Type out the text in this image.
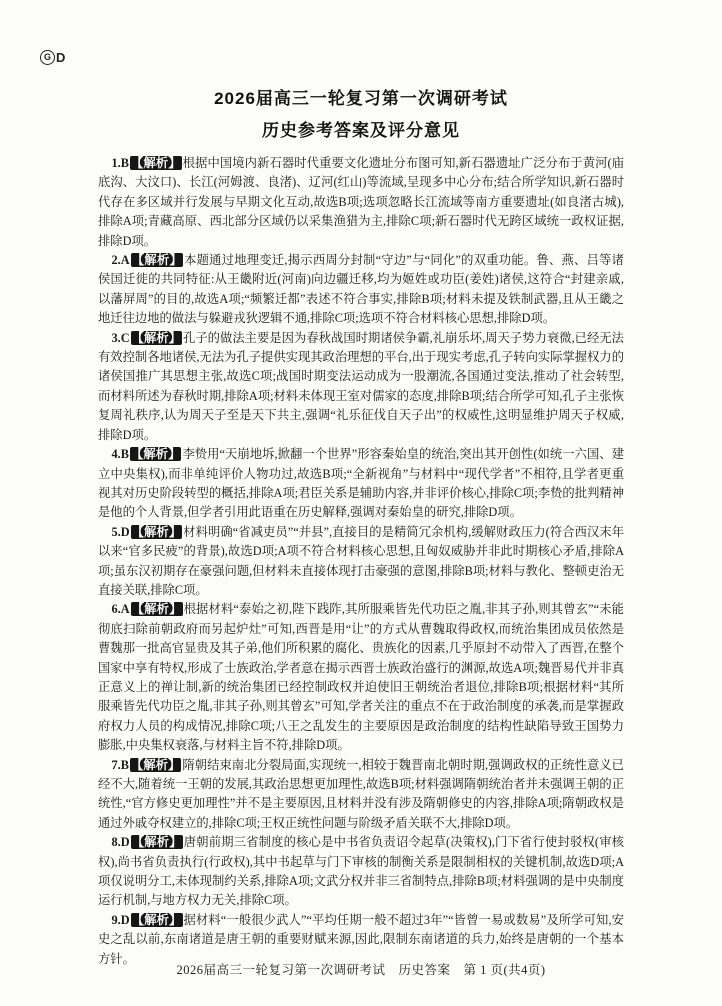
G D
2026届高三一轮复习第一次调研考试
历史参考答案及评分意见

1.B 【解析】 根据中国境内新石器时代重要文化遗址分布图可知,新石器遗址广泛分布于黄河(庙底沟、大汶口)、长江(河姆渡、良渚)、辽河(红山)等流域,呈现多中心分布;结合所学知识,新石器时代存在多区域并行发展与早期文化互动,故选B项;选项忽略长江流域等南方重要遗址(如良渚古城),排除A项;青藏高原、西北部分区域仍以采集渔猎为主,排除C项;新石器时代无跨区域统一政权证据,排除D项。

2.A 【解析】 本题通过地理变迁,揭示西周分封制“守边”与“同化”的双重功能。鲁、燕、吕等诸侯国迁徙的共同特征:从王畿附近(河南)向边疆迁移,均为姬姓或功臣(姜姓)诸侯,这符合“封建亲戚,以藩屏周”的目的,故选A项;“频繁迁都”表述不符合事实,排除B项;材料未提及铁制武器,且从王畿之地迁往边地的做法与躲避戎狄逻辑不通,排除C项;选项不符合材料核心思想,排除D项。

3.C 【解析】 孔子的做法主要是因为春秋战国时期诸侯争霸,礼崩乐坏,周天子势力衰微,已经无法有效控制各地诸侯,无法为孔子提供实现其政治理想的平台,出于现实考虑,孔子转向实际掌握权力的诸侯国推广其思想主张,故选C项;战国时期变法运动成为一股潮流,各国通过变法,推动了社会转型,而材料所述为春秋时期,排除A项;材料未体现王室对儒家的态度,排除B项;结合所学可知,孔子主张恢复周礼秩序,认为周天子至是天下共主,强调“礼乐征伐自天子出”的权威性,这明显维护周天子权威,排除D项。

4.B 【解析】 李贽用“天崩地坼,掀翻一个世界”形容秦始皇的统治,突出其开创性(如统一六国、建立中央集权),而非单纯评价人物功过,故选B项;“全新视角”与材料中“现代学者”不相符,且学者更重视其对历史阶段转型的概括,排除A项;君臣关系是辅助内容,并非评价核心,排除C项;李贽的批判精神是他的个人背景,但学者引用此语重在历史解释,强调对秦始皇的研究,排除D项。

5.D 【解析】 材料明确“省减吏员”“并县”,直接目的是精简冗余机构,缓解财政压力(符合西汉末年以来“官多民疲”的背景),故选D项;A项不符合材料核心思想,且匈奴威胁并非此时期核心矛盾,排除A项;虽东汉初期存在豪强问题,但材料未直接体现打击豪强的意图,排除B项;材料与教化、整顿吏治无直接关联,排除C项。

6.A 【解析】 根据材料“泰始之初,陛下践阼,其所服乘皆先代功臣之胤,非其子孙,则其曾玄”“未能彻底扫除前朝政府而另起炉灶”可知,西晋是用“让”的方式从曹魏取得政权,而统治集团成员依然是曹魏那一批高官显贵及其子弟,他们所积累的腐化、贵族化的因素,几乎原封不动带入了西晋,在整个国家中享有特权,形成了士族政治,学者意在揭示西晋士族政治盛行的渊源,故选A项;魏晋易代并非真正意义上的禅让制,新的统治集团已经控制政权并迫使旧王朝统治者退位,排除B项;根据材料“其所服乘皆先代功臣之胤,非其子孙,则其曾玄”可知,学者关注的重点不在于政治制度的承袭,而是掌握政府权力人员的构成情况,排除C项;八王之乱发生的主要原因是政治制度的结构性缺陷导致王国势力膨胀,中央集权衰落,与材料主旨不符,排除D项。

7.B 【解析】 隋朝结束南北分裂局面,实现统一,相较于魏晋南北朝时期,强调政权的正统性意义已经不大,随着统一王朝的发展,其政治思想更加理性,故选B项;材料强调隋朝统治者并未强调王朝的正统性,“官方修史更加理性”并不是主要原因,且材料并没有涉及隋朝修史的内容,排除A项;隋朝政权是通过外戚夺权建立的,排除C项;王权正统性问题与阶级矛盾关联不大,排除D项。

8.D 【解析】 唐朝前期三省制度的核心是中书省负责诏令起草(决策权),门下省行使封驳权(审核权),尚书省负责执行(行政权),其中书起草与门下审核的制衡关系是限制相权的关键机制,故选D项;A项仅说明分工,未体现制约关系,排除A项;文武分权并非三省制特点,排除B项;材料强调的是中央制度运行机制,与地方权力无关,排除C项。

9.D 【解析】 据材料“一般很少武人”“平均任期一般不超过3年”“皆曾一易或数易”及所学可知,安史之乱以前,东南诸道是唐王朝的重要财赋来源,因此,限制东南诸道的兵力,始终是唐朝的一个基本方针。

2026届高三一轮复习第一次调研考试　历史答案　第 1 页(共4页)
